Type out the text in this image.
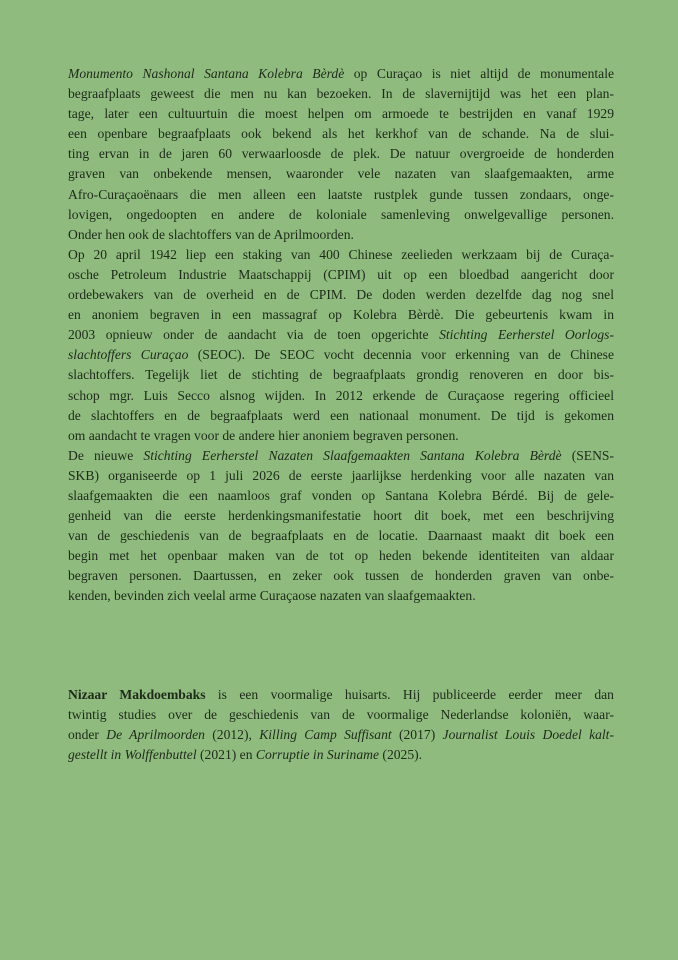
Monumento Nashonal Santana Kolebra Bèrdè op Curaçao is niet altijd de monumentale
begraafplaats geweest die men nu kan bezoeken. In de slavernijtijd was het een plan-
tage, later een cultuurtuin die moest helpen om armoede te bestrijden en vanaf 1929
een openbare begraafplaats ook bekend als het kerkhof van de schande. Na de slui-
ting ervan in de jaren 60 verwaarloosde de plek. De natuur overgroeide de honderden
graven van onbekende mensen, waaronder vele nazaten van slaafgemaakten, arme
Afro-Curaçaoënaars die men alleen een laatste rustplek gunde tussen zondaars, onge-
lovigen, ongedoopten en andere de koloniale samenleving onwelgevallige personen.
Onder hen ook de slachtoffers van de Aprilmoorden.
Op 20 april 1942 liep een staking van 400 Chinese zeelieden werkzaam bij de Curaça-
osche Petroleum Industrie Maatschappij (CPIM) uit op een bloedbad aangericht door
ordebewakers van de overheid en de CPIM. De doden werden dezelfde dag nog snel
en anoniem begraven in een massagraf op Kolebra Bèrdè. Die gebeurtenis kwam in
2003 opnieuw onder de aandacht via de toen opgerichte Stichting Eerherstel Oorlogs-
slachtoffers Curaçao (SEOC). De SEOC vocht decennia voor erkenning van de Chinese
slachtoffers. Tegelijk liet de stichting de begraafplaats grondig renoveren en door bis-
schop mgr. Luis Secco alsnog wijden. In 2012 erkende de Curaçaose regering officieel
de slachtoffers en de begraafplaats werd een nationaal monument. De tijd is gekomen
om aandacht te vragen voor de andere hier anoniem begraven personen.
De nieuwe Stichting Eerherstel Nazaten Slaafgemaakten Santana Kolebra Bèrdè (SENS-
SKB) organiseerde op 1 juli 2026 de eerste jaarlijkse herdenking voor alle nazaten van
slaafgemaakten die een naamloos graf vonden op Santana Kolebra Bérdé. Bij de gele-
genheid van die eerste herdenkingsmanifestatie hoort dit boek, met een beschrijving
van de geschiedenis van de begraafplaats en de locatie. Daarnaast maakt dit boek een
begin met het openbaar maken van de tot op heden bekende identiteiten van aldaar
begraven personen. Daartussen, en zeker ook tussen de honderden graven van onbe-
kenden, bevinden zich veelal arme Curaçaose nazaten van slaafgemaakten.
Nizaar Makdoembaks is een voormalige huisarts. Hij publiceerde eerder meer dan
twintig studies over de geschiedenis van de voormalige Nederlandse koloniën, waar-
onder De Aprilmoorden (2012), Killing Camp Suffisant (2017) Journalist Louis Doedel kalt-
gestellt in Wolffenbuttel (2021) en Corruptie in Suriname (2025).
